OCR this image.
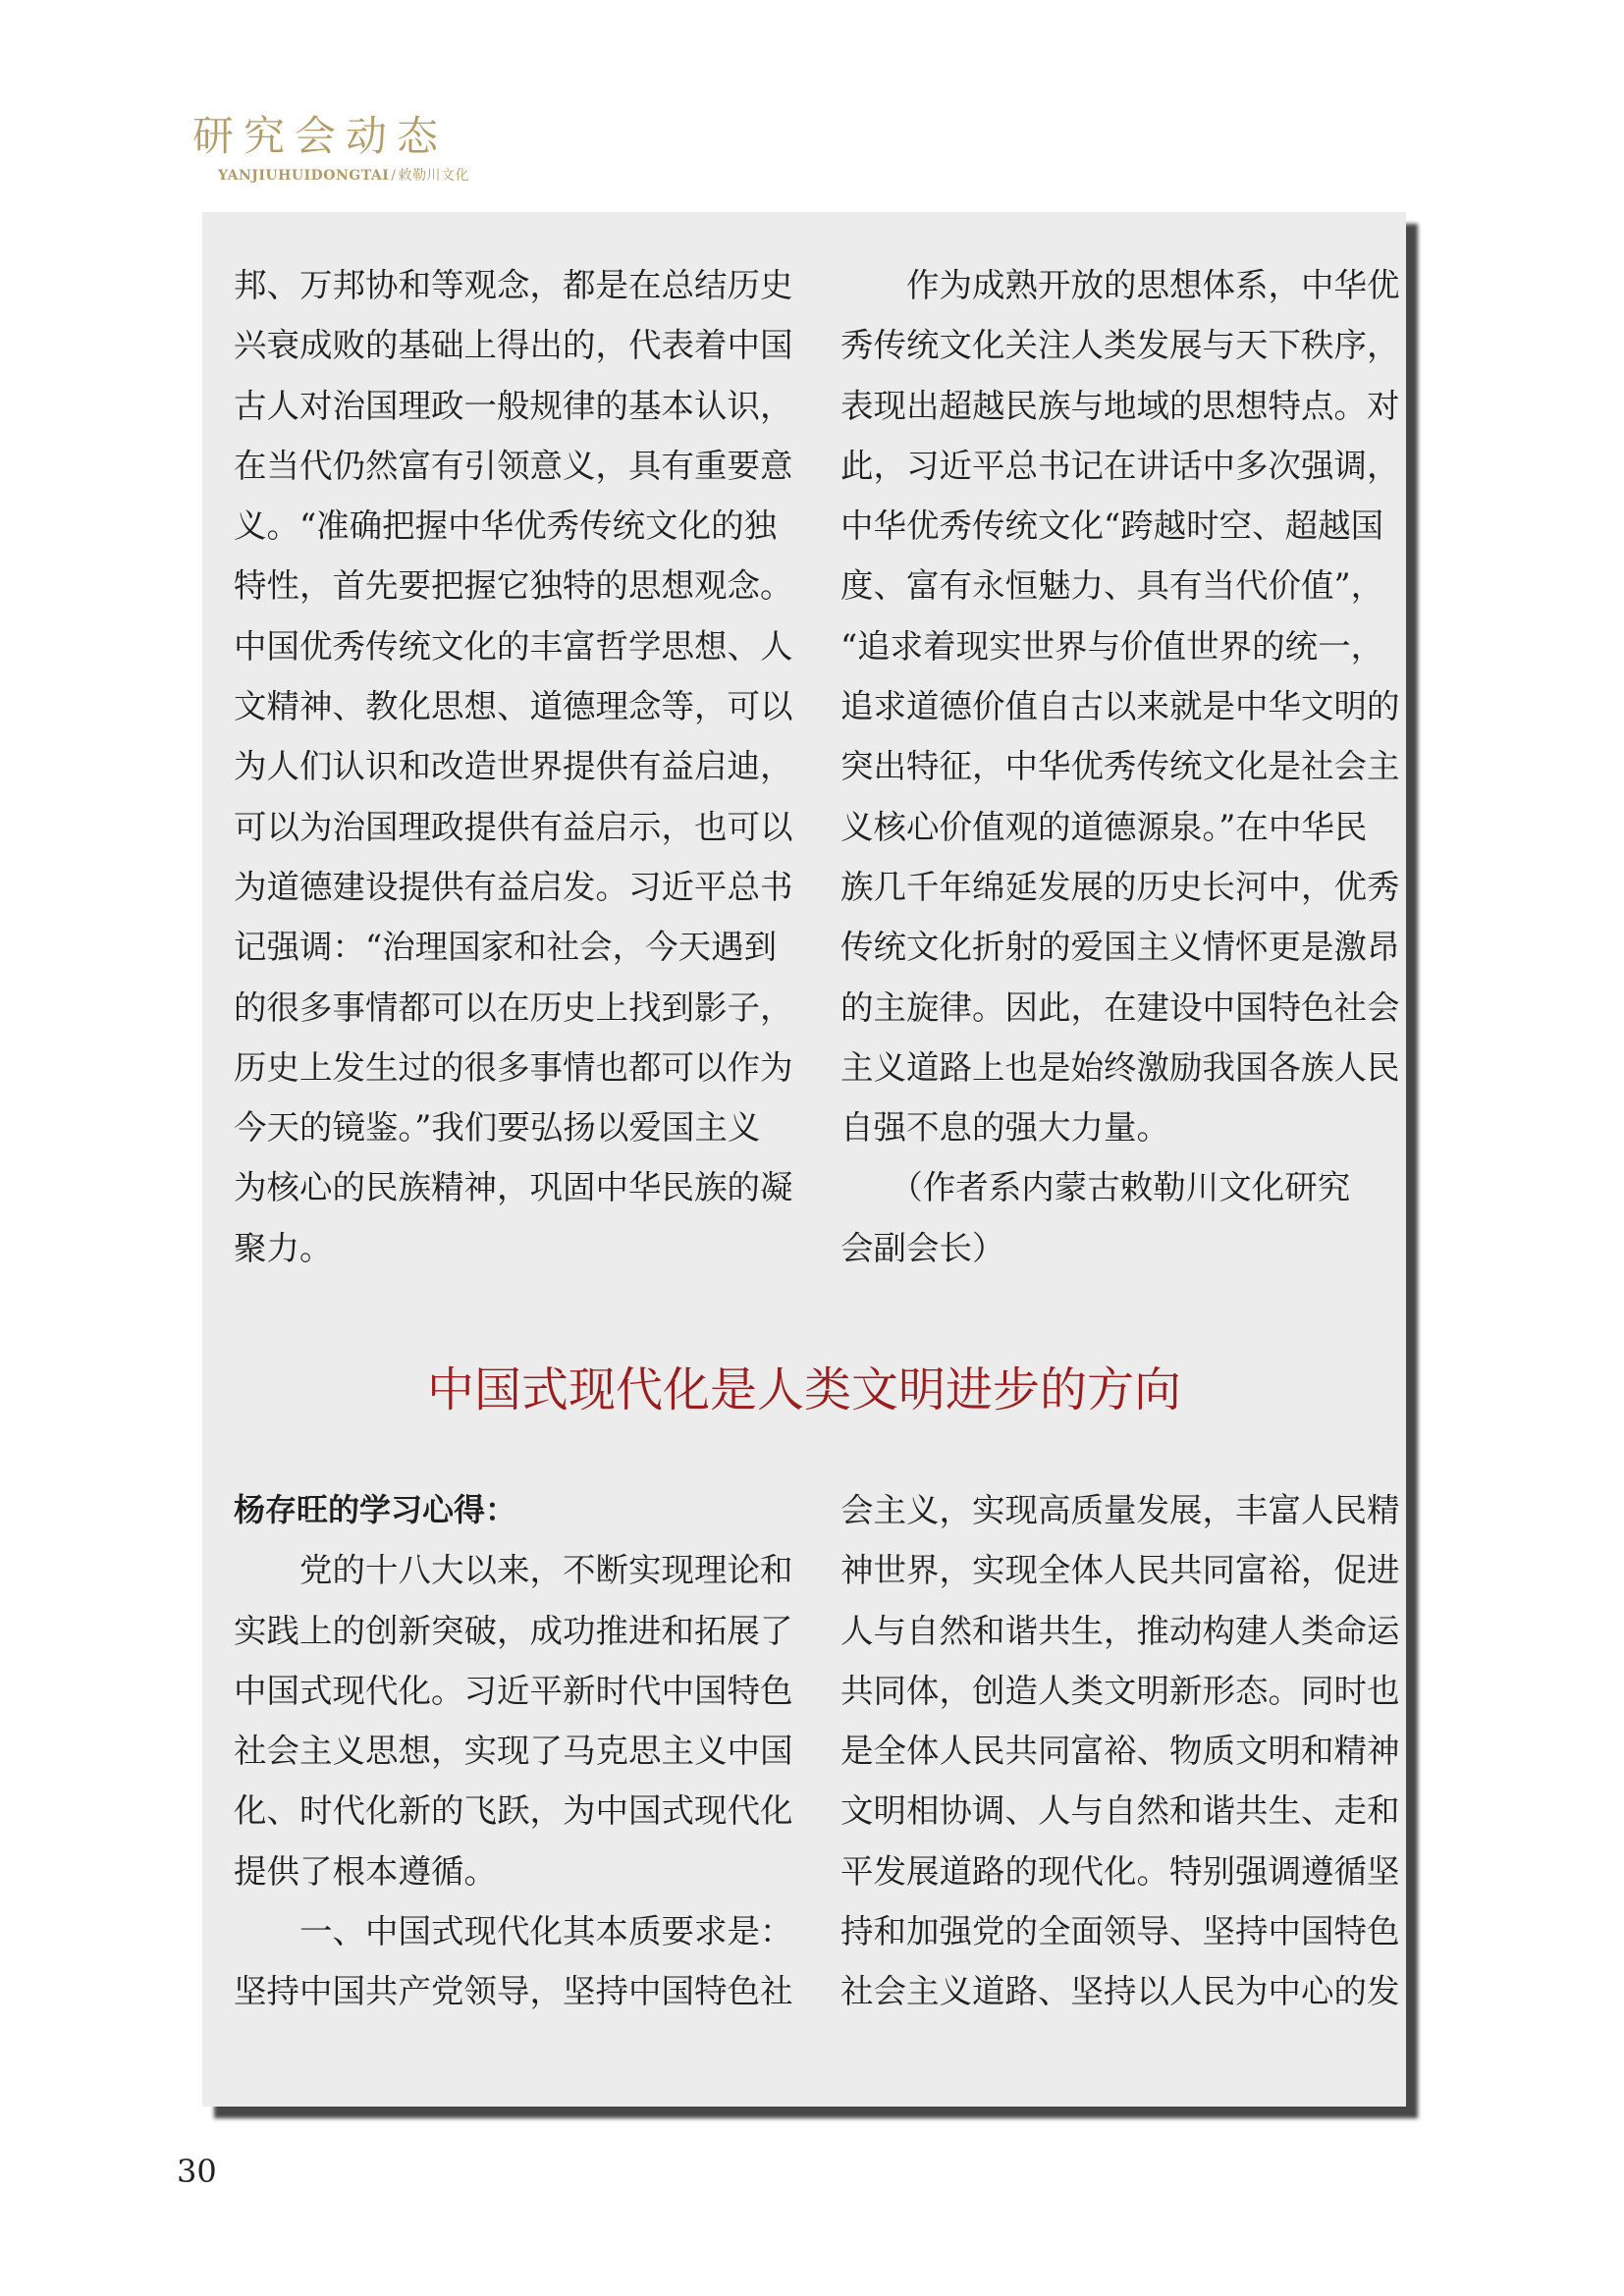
研究会动态
YANJIUHUIDONGTAI / 敕勒川文化
邦、万邦协和等观念，都是在总结历史
兴衰成败的基础上得出的，代表着中国
古人对治国理政一般规律的基本认识，
在当代仍然富有引领意义，具有重要意
义。“准确把握中华优秀传统文化的独
特性，首先要把握它独特的思想观念。
中国优秀传统文化的丰富哲学思想、人
文精神、教化思想、道德理念等，可以
为人们认识和改造世界提供有益启迪，
可以为治国理政提供有益启示，也可以
为道德建设提供有益启发。习近平总书
记强调：“治理国家和社会，今天遇到
的很多事情都可以在历史上找到影子，
历史上发生过的很多事情也都可以作为
今天的镜鉴。”我们要弘扬以爱国主义
为核心的民族精神，巩固中华民族的凝
聚力。
　　作为成熟开放的思想体系，中华优
秀传统文化关注人类发展与天下秩序，
表现出超越民族与地域的思想特点。对
此，习近平总书记在讲话中多次强调，
中华优秀传统文化“跨越时空、超越国
度、富有永恒魅力、具有当代价值”，
“追求着现实世界与价值世界的统一，
追求道德价值自古以来就是中华文明的
突出特征，中华优秀传统文化是社会主
义核心价值观的道德源泉。”在中华民
族几千年绵延发展的历史长河中，优秀
传统文化折射的爱国主义情怀更是激昂
的主旋律。因此，在建设中国特色社会
主义道路上也是始终激励我国各族人民
自强不息的强大力量。
　　（作者系内蒙古敕勒川文化研究
会副会长）
中国式现代化是人类文明进步的方向
杨存旺的学习心得：
　　党的十八大以来，不断实现理论和
实践上的创新突破，成功推进和拓展了
中国式现代化。习近平新时代中国特色
社会主义思想，实现了马克思主义中国
化、时代化新的飞跃，为中国式现代化
提供了根本遵循。
　　一、中国式现代化其本质要求是：
坚持中国共产党领导，坚持中国特色社
会主义，实现高质量发展，丰富人民精
神世界，实现全体人民共同富裕，促进
人与自然和谐共生，推动构建人类命运
共同体，创造人类文明新形态。同时也
是全体人民共同富裕、物质文明和精神
文明相协调、人与自然和谐共生、走和
平发展道路的现代化。特别强调遵循坚
持和加强党的全面领导、坚持中国特色
社会主义道路、坚持以人民为中心的发
30
